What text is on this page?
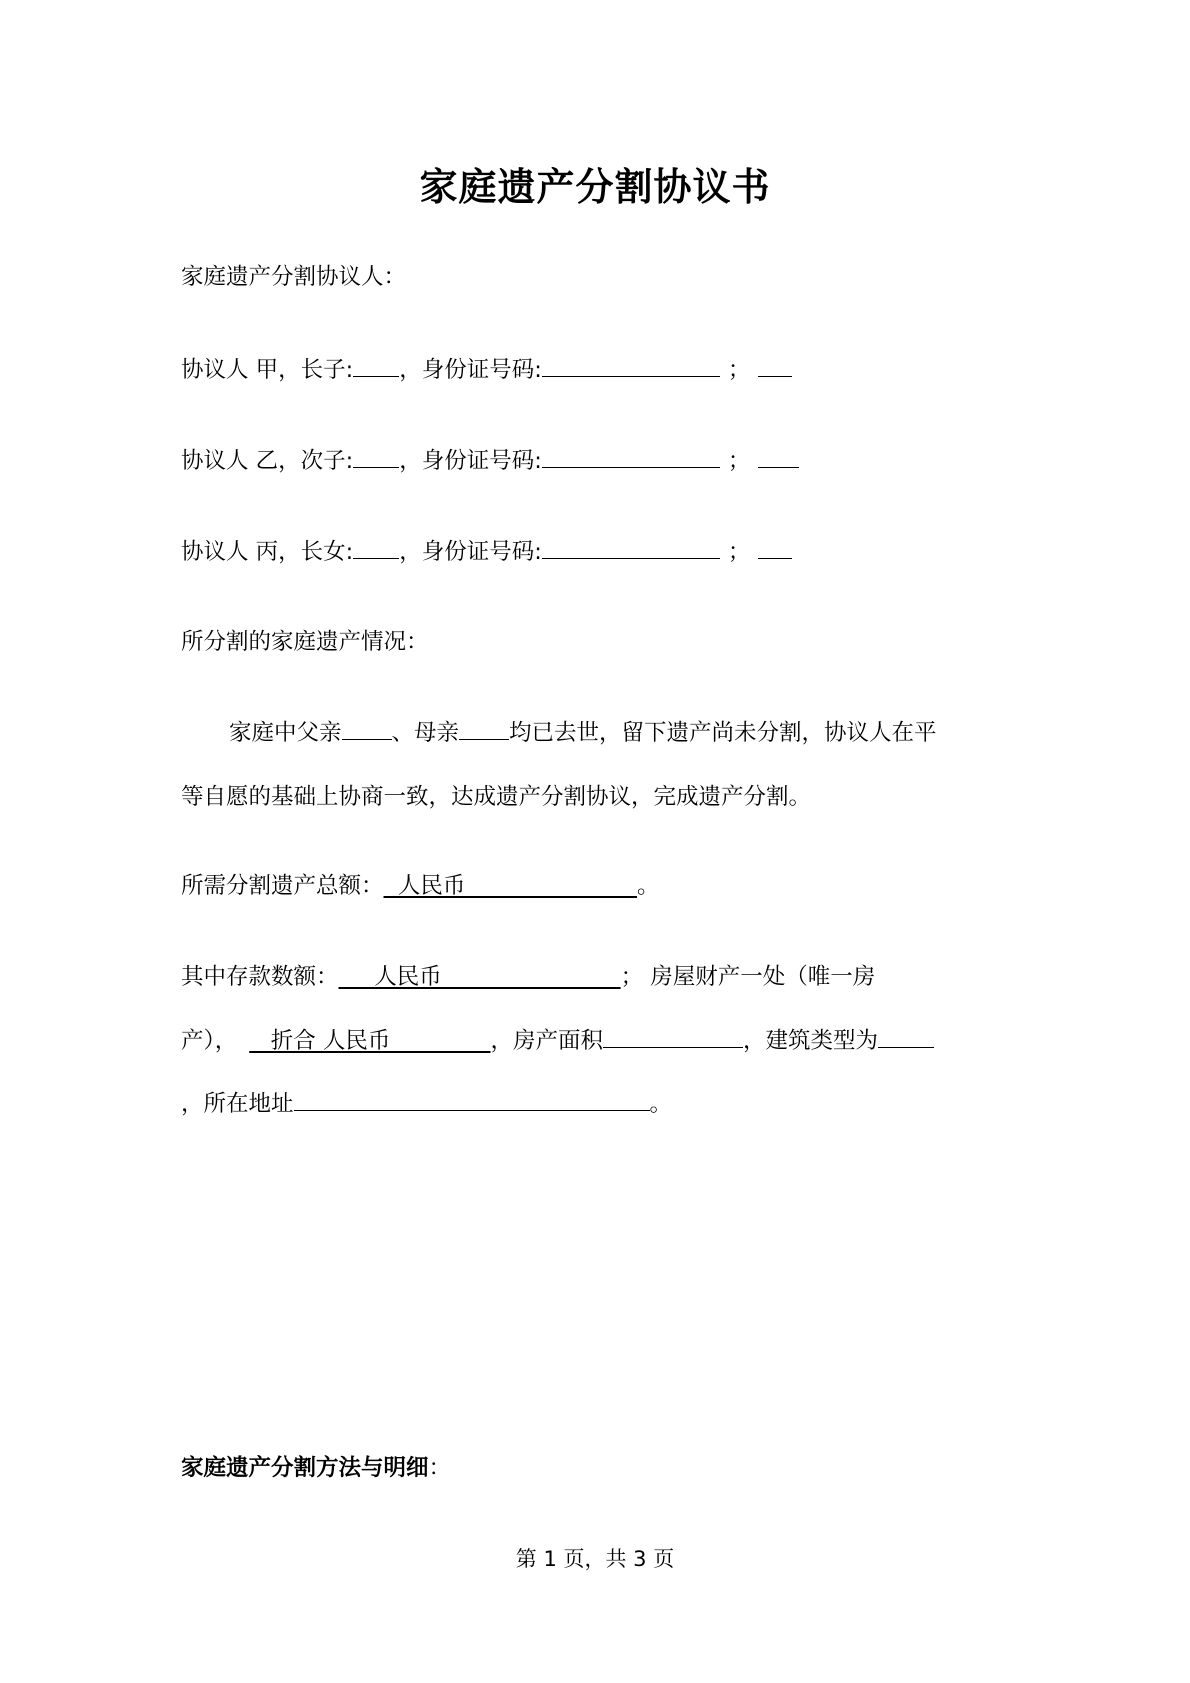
家庭遗产分割协议书
家庭遗产分割协议人：
协议人 甲，长子: ，身份证号码:	；
协议人 乙，次子: ，身份证号码:	；
协议人 丙，长女: ，身份证号码:	；
所分割的家庭遗产情况：
家庭中父亲 、母亲 均已去世，留下遗产尚未分割，协议人在平
等自愿的基础上协商一致，达成遗产分割协议，完成遗产分割。
所需分割遗产总额：  人民币                        。
其中存款数额：     人民币                         ； 房屋财产一处（唯一房
产），   折合 人民币              ，房产面积	，建筑类型为
，所在地址	。
家庭遗产分割方法与明细：
第 1 页，共 3 页
